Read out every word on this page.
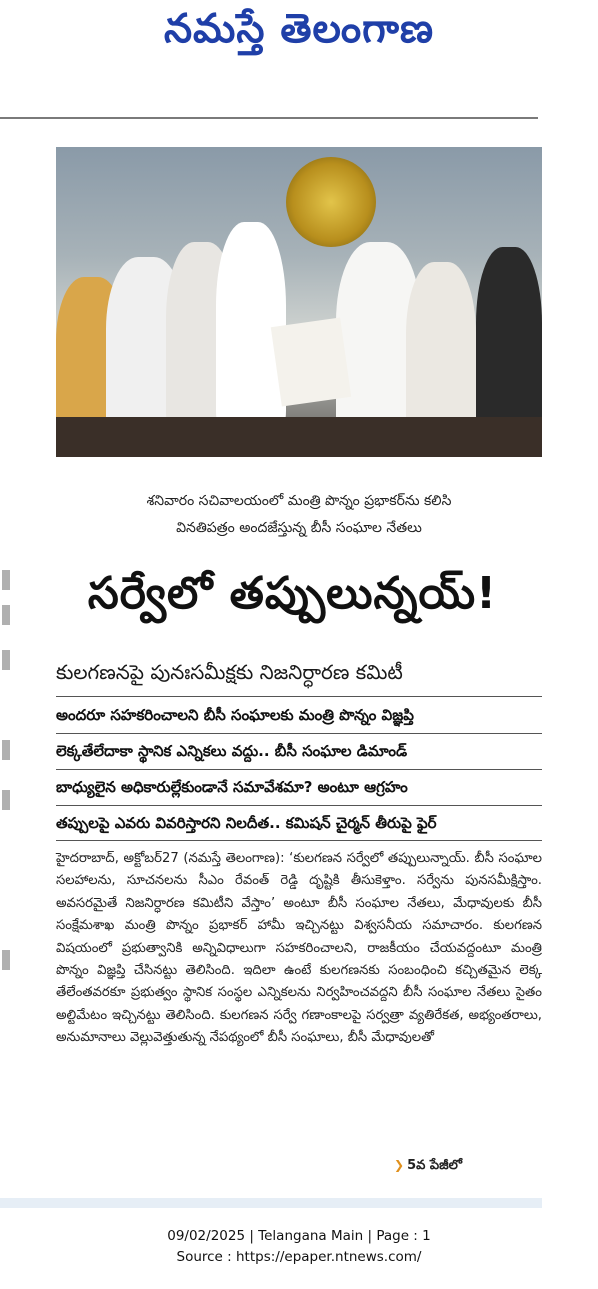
నమస్తే తెలంగాణ
శనివారం సచివాలయంలో మంత్రి పొన్నం ప్రభాకర్‌ను కలిసి
వినతిపత్రం అందజేస్తున్న బీసీ సంఘాల నేతలు
సర్వేలో తప్పులున్నయ్‌!
కులగణనపై పునఃసమీక్షకు నిజనిర్ధారణ కమిటీ
అందరూ సహకరించాలని బీసీ సంఘాలకు మంత్రి పొన్నం విజ్ఞప్తి
లెక్కతేలేదాకా స్థానిక ఎన్నికలు వద్దు.. బీసీ సంఘాల డిమాండ్‌
బాధ్యులైన అధికారుల్లేకుండానే సమావేశమా? అంటూ ఆగ్రహం
తప్పులపై ఎవరు వివరిస్తారని నిలదీత.. కమిషన్‌ చైర్మన్‌ తీరుపై ఫైర్‌

హైదరాబాద్‌, అక్టోబర్‌27 (నమస్తే తెలంగాణ): ‘కులగణన సర్వేలో తప్పులున్నాయ్‌. బీసీ సంఘాల సలహాలను, సూచనలను సీఎం రేవంత్‌ రెడ్డి దృష్టికి తీసుకెళ్తాం. సర్వేను పునసమీక్షిస్తాం. అవసరమైతే నిజనిర్ధారణ కమిటీని వేస్తాం’ అంటూ బీసీ సంఘాల నేతలు, మేధావులకు బీసీ సంక్షేమశాఖ మంత్రి పొన్నం ప్రభాకర్‌ హామీ ఇచ్చినట్టు విశ్వసనీయ సమాచారం. కులగణన విషయంలో ప్రభుత్వానికి అన్నివిధాలుగా సహకరించాలని, రాజకీయం చేయవద్దంటూ మంత్రి పొన్నం విజ్ఞప్తి చేసినట్టు తెలిసింది. ఇదిలా ఉంటే కులగణనకు సంబంధించి కచ్చితమైన లెక్క తేలేంతవరకూ ప్రభుత్వం స్థానిక సంస్థల ఎన్నికలను నిర్వహించవద్దని బీసీ సంఘాల నేతలు సైతం అల్టిమేటం ఇచ్చినట్టు తెలిసింది. కులగణన సర్వే గణాంకాలపై సర్వత్రా వ్యతిరేకత, అభ్యంతరాలు, అనుమానాలు వెల్లువెత్తుతున్న నేపథ్యంలో బీసీ సంఘాలు, బీసీ మేధావులతో

❯ 5వ పేజీలో
09/02/2025 | Telangana Main | Page : 1
Source : https://epaper.ntnews.com/
